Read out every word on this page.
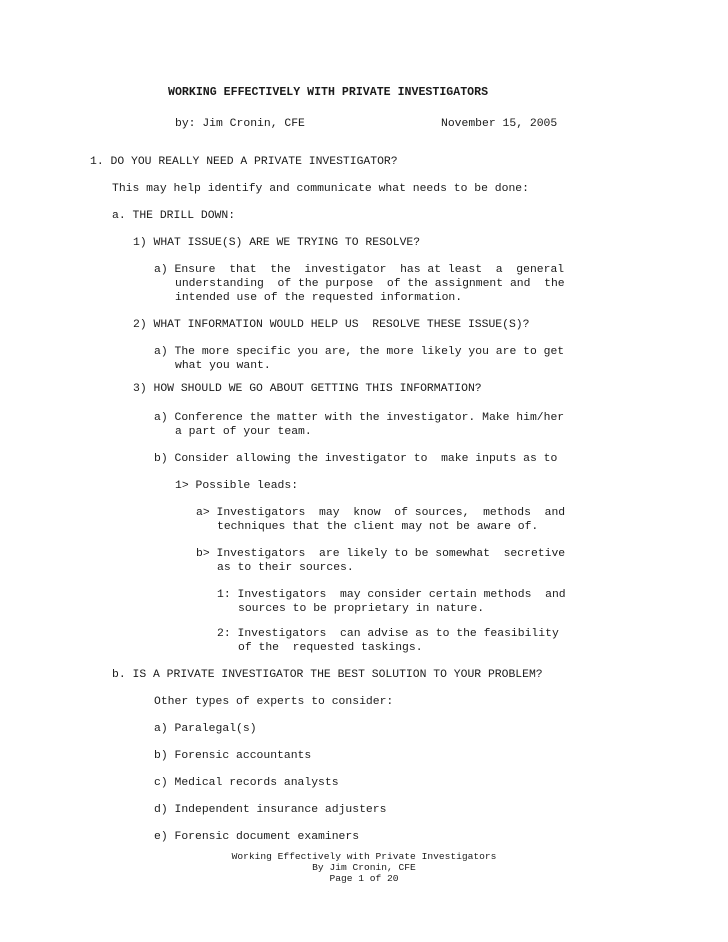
WORKING EFFECTIVELY WITH PRIVATE INVESTIGATORS
by: Jim Cronin, CFE	November 15, 2005
1. DO YOU REALLY NEED A PRIVATE INVESTIGATOR?
This may help identify and communicate what needs to be done:
a. THE DRILL DOWN:
1) WHAT ISSUE(S) ARE WE TRYING TO RESOLVE?
a) Ensure  that  the  investigator  has at least  a  general
understanding  of the purpose  of the assignment and  the
intended use of the requested information.
2) WHAT INFORMATION WOULD HELP US  RESOLVE THESE ISSUE(S)?
a) The more specific you are, the more likely you are to get
what you want.
3) HOW SHOULD WE GO ABOUT GETTING THIS INFORMATION?
a) Conference the matter with the investigator. Make him/her
a part of your team.
b) Consider allowing the investigator to  make inputs as to
1> Possible leads:
a> Investigators  may  know  of sources,  methods  and
techniques that the client may not be aware of.
b> Investigators  are likely to be somewhat  secretive
as to their sources.
1: Investigators  may consider certain methods  and
sources to be proprietary in nature.
2: Investigators  can advise as to the feasibility
of the  requested taskings.
b. IS A PRIVATE INVESTIGATOR THE BEST SOLUTION TO YOUR PROBLEM?
Other types of experts to consider:
a) Paralegal(s)
b) Forensic accountants
c) Medical records analysts
d) Independent insurance adjusters
e) Forensic document examiners
Working Effectively with Private Investigators
By Jim Cronin, CFE
Page 1 of 20
